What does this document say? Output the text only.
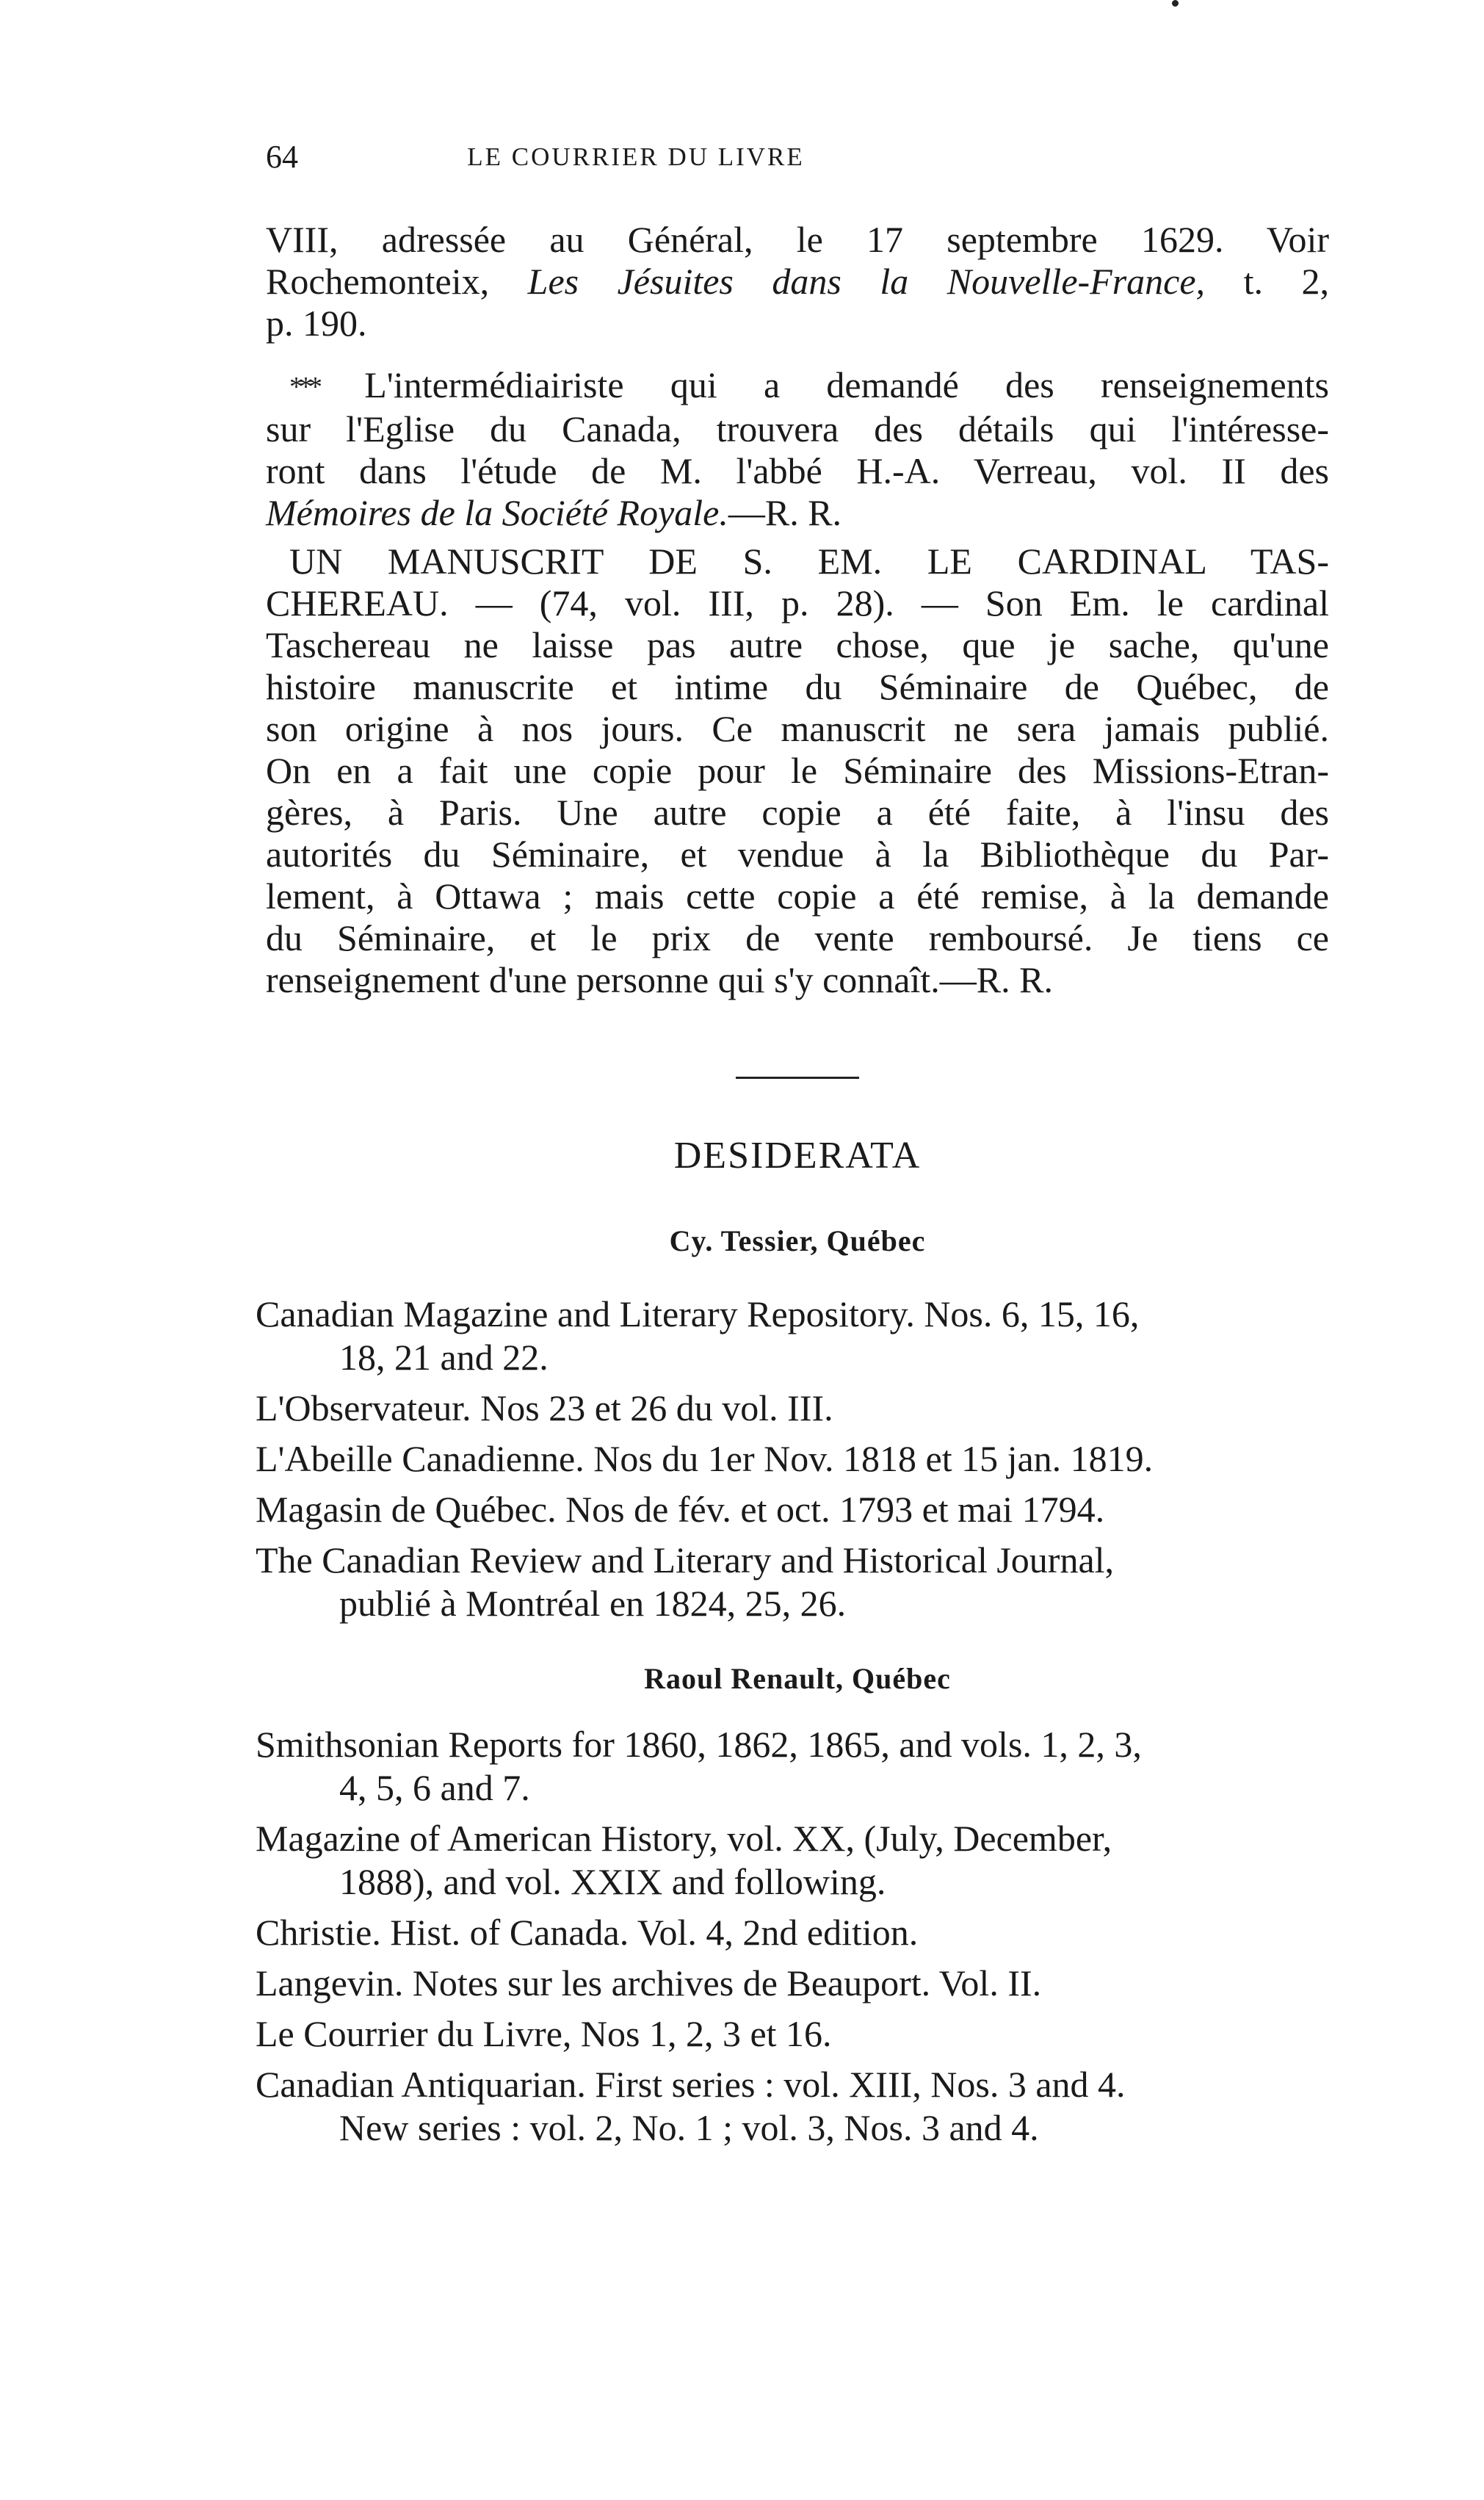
64	LE COURRIER DU LIVRE
VIII, adressée au Général, le 17 septembre 1629. Voir
Rochemonteix, Les Jésuites dans la Nouvelle-France, t. 2,
p. 190.
*** L'intermédiairiste qui a demandé des renseignements
sur l'Eglise du Canada, trouvera des détails qui l'intéresse-
ront dans l'étude de M. l'abbé H.-A. Verreau, vol. II des
Mémoires de la Société Royale.—R. R.
UN MANUSCRIT DE S. EM. LE CARDINAL TAS-
CHEREAU. — (74, vol. III, p. 28). — Son Em. le cardinal
Taschereau ne laisse pas autre chose, que je sache, qu'une
histoire manuscrite et intime du Séminaire de Québec, de
son origine à nos jours. Ce manuscrit ne sera jamais publié.
On en a fait une copie pour le Séminaire des Missions-Etran-
gères, à Paris. Une autre copie a été faite, à l'insu des
autorités du Séminaire, et vendue à la Bibliothèque du Par-
lement, à Ottawa ; mais cette copie a été remise, à la demande
du Séminaire, et le prix de vente remboursé. Je tiens ce
renseignement d'une personne qui s'y connaît.—R. R.
DESIDERATA
Cy. Tessier, Québec
Canadian Magazine and Literary Repository. Nos. 6, 15, 16,
18, 21 and 22.
L'Observateur. Nos 23 et 26 du vol. III.
L'Abeille Canadienne. Nos du 1er Nov. 1818 et 15 jan. 1819.
Magasin de Québec. Nos de fév. et oct. 1793 et mai 1794.
The Canadian Review and Literary and Historical Journal,
publié à Montréal en 1824, 25, 26.
Raoul Renault, Québec
Smithsonian Reports for 1860, 1862, 1865, and vols. 1, 2, 3,
4, 5, 6 and 7.
Magazine of American History, vol. XX, (July, December,
1888), and vol. XXIX and following.
Christie. Hist. of Canada. Vol. 4, 2nd edition.
Langevin. Notes sur les archives de Beauport. Vol. II.
Le Courrier du Livre, Nos 1, 2, 3 et 16.
Canadian Antiquarian. First series : vol. XIII, Nos. 3 and 4.
New series : vol. 2, No. 1 ; vol. 3, Nos. 3 and 4.
